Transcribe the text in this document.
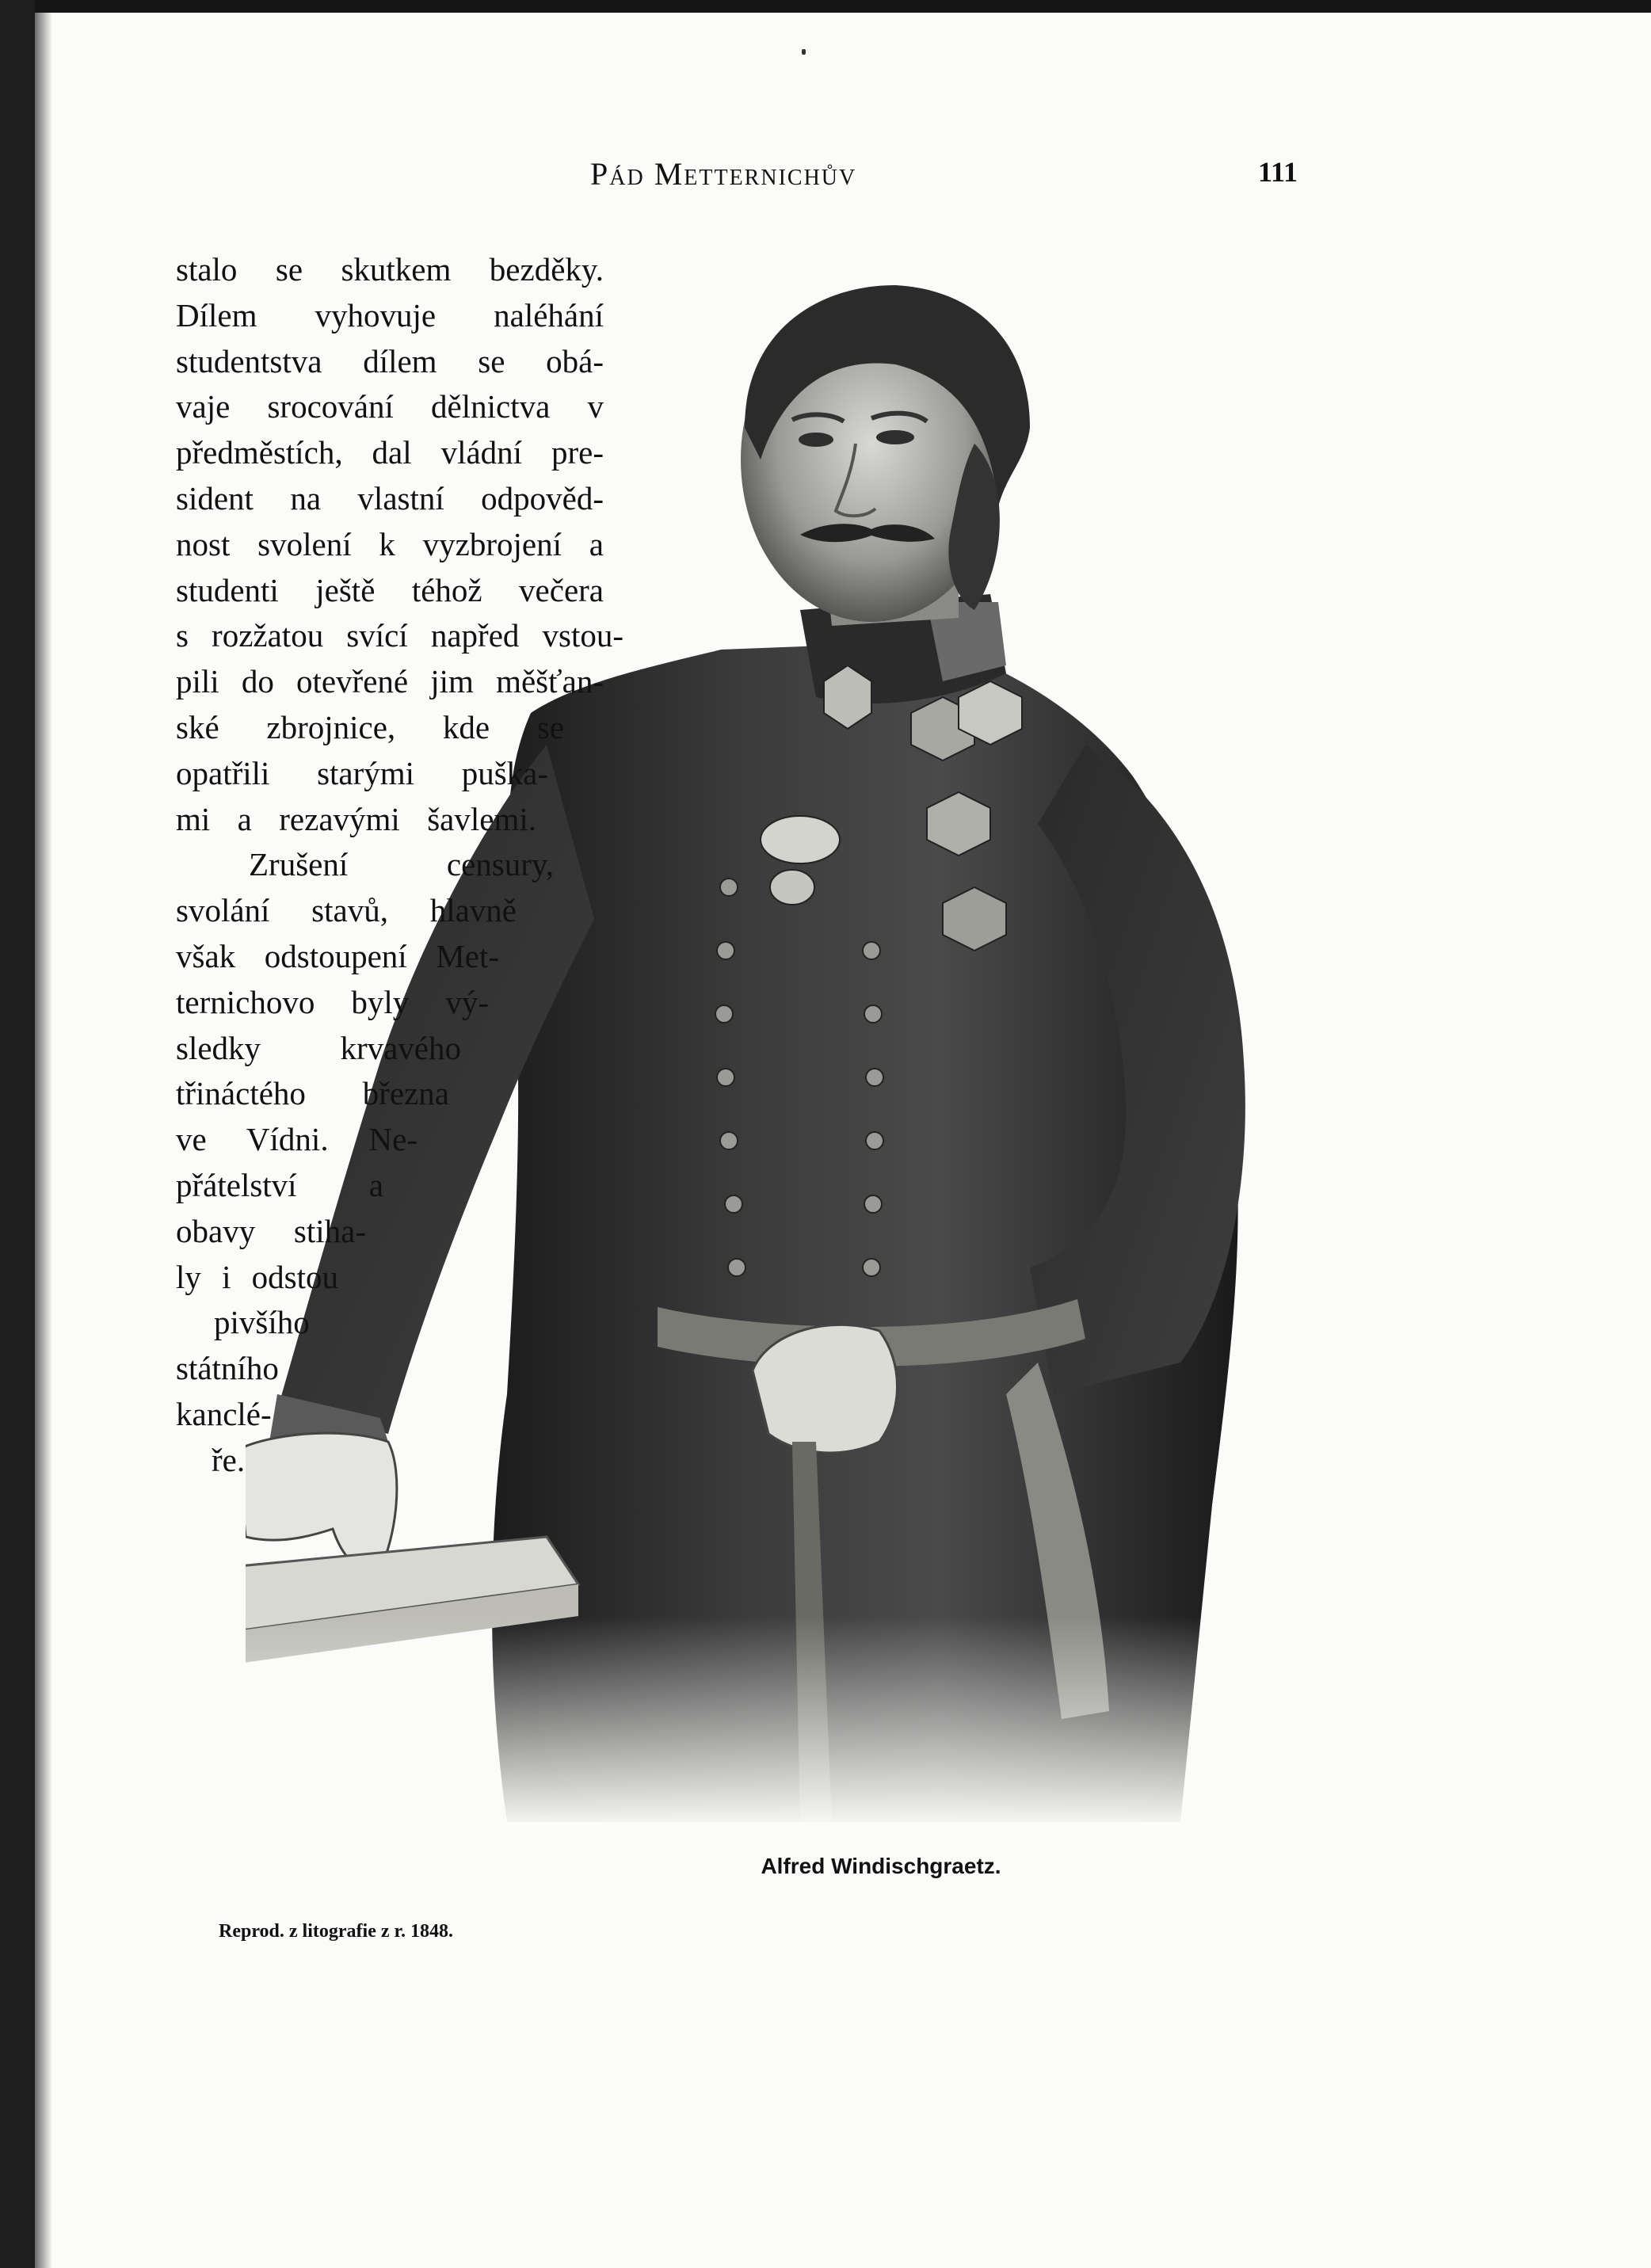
Pád Metternichův	111
stalo se skutkem bezděky.
Dílem vyhovuje naléhání
studentstva dílem se obá-
vaje srocování dělnictva v
předměstích, dal vládní pre-
sident na vlastní odpověd-
nost svolení k vyzbrojení a
studenti ještě téhož večera
s rozžatou svící napřed vstou-
pili do otevřené jim měšťan-
ské zbrojnice, kde se
opatřili starými puška-
mi a rezavými šavlemi.
Zrušení censury,
svolání stavů, hlavně
však odstoupení Met-
ternichovo byly vý-
sledky krvavého
třináctého března
ve Vídni. Ne-
přátelství a
obavy stiha-
ly i odstou
pivšího
státního
kanclé-
ře.
Alfred Windischgraetz.
Reprod. z litografie z r. 1848.
